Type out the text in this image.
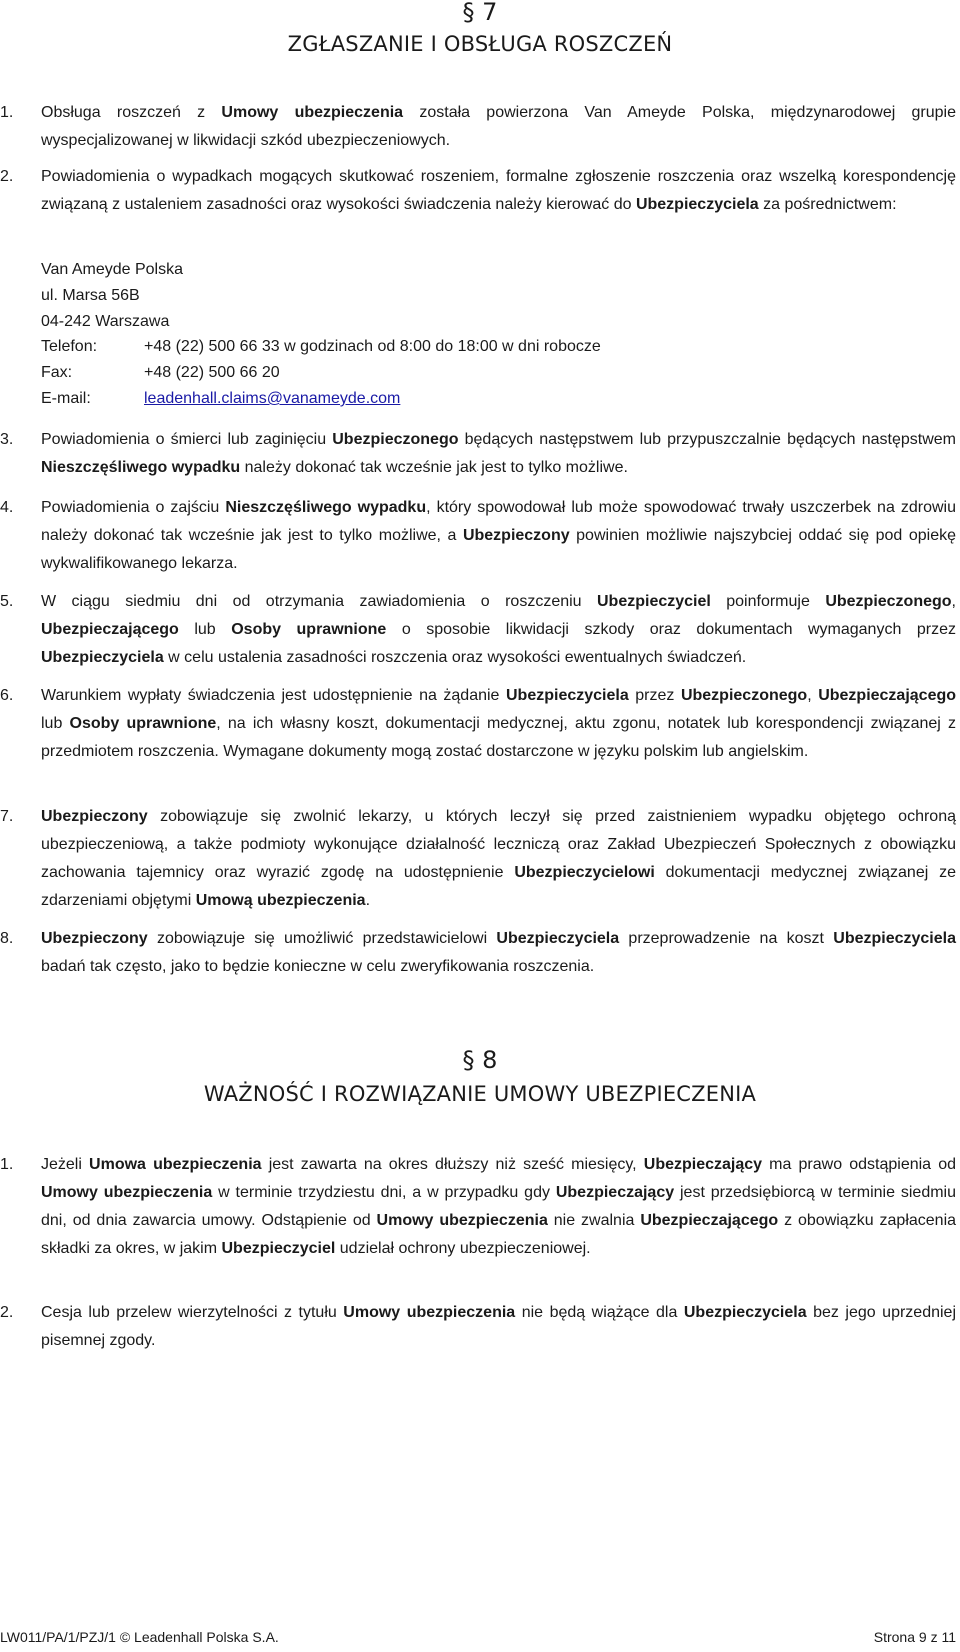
§ 7
ZGŁASZANIE I OBSŁUGA ROSZCZEŃ
1.	Obsługa roszczeń z Umowy ubezpieczenia została powierzona Van Ameyde Polska, międzynarodowej grupie wyspecjalizowanej w likwidacji szkód ubezpieczeniowych.
2.	Powiadomienia o wypadkach mogących skutkować roszeniem, formalne zgłoszenie roszczenia oraz wszelką korespondencję związaną z ustaleniem zasadności oraz wysokości świadczenia należy kierować do Ubezpieczyciela za pośrednictwem:
Van Ameyde Polska
ul. Marsa 56B
04-242 Warszawa
Telefon:	+48 (22) 500 66 33 w godzinach od 8:00 do 18:00 w dni robocze
Fax:	+48 (22) 500 66 20
E-mail:	leadenhall.claims@vanameyde.com
3.	Powiadomienia o śmierci lub zaginięciu Ubezpieczonego będących następstwem lub przypuszczalnie będących następstwem Nieszczęśliwego wypadku należy dokonać tak wcześnie jak jest to tylko możliwe.
4.	Powiadomienia o zajściu Nieszczęśliwego wypadku, który spowodował lub może spowodować trwały uszczerbek na zdrowiu należy dokonać tak wcześnie jak jest to tylko możliwe, a Ubezpieczony powinien możliwie najszybciej oddać się pod opiekę wykwalifikowanego lekarza.
5.	W ciągu siedmiu dni od otrzymania zawiadomienia o roszczeniu Ubezpieczyciel poinformuje Ubezpieczonego, Ubezpieczającego lub Osoby uprawnione o sposobie likwidacji szkody oraz dokumentach wymaganych przez Ubezpieczyciela w celu ustalenia zasadności roszczenia oraz wysokości ewentualnych świadczeń.
6.	Warunkiem wypłaty świadczenia jest udostępnienie na żądanie Ubezpieczyciela przez Ubezpieczonego, Ubezpieczającego lub Osoby uprawnione, na ich własny koszt, dokumentacji medycznej, aktu zgonu, notatek lub korespondencji związanej z przedmiotem roszczenia. Wymagane dokumenty mogą zostać dostarczone w języku polskim lub angielskim.
7.	Ubezpieczony zobowiązuje się zwolnić lekarzy, u których leczył się przed zaistnieniem wypadku objętego ochroną ubezpieczeniową, a także podmioty wykonujące działalność leczniczą oraz Zakład Ubezpieczeń Społecznych z obowiązku zachowania tajemnicy oraz wyrazić zgodę na udostępnienie Ubezpieczycielowi dokumentacji medycznej związanej ze zdarzeniami objętymi Umową ubezpieczenia.
8.	Ubezpieczony zobowiązuje się umożliwić przedstawicielowi Ubezpieczyciela przeprowadzenie na koszt Ubezpieczyciela badań tak często, jako to będzie konieczne w celu zweryfikowania roszczenia.
§ 8
WAŻNOŚĆ I ROZWIĄZANIE UMOWY UBEZPIECZENIA
1.	Jeżeli Umowa ubezpieczenia jest zawarta na okres dłuższy niż sześć miesięcy, Ubezpieczający ma prawo odstąpienia od Umowy ubezpieczenia w terminie trzydziestu dni, a w przypadku gdy Ubezpieczający jest przedsiębiorcą w terminie siedmiu dni, od dnia zawarcia umowy. Odstąpienie od Umowy ubezpieczenia nie zwalnia Ubezpieczającego z obowiązku zapłacenia składki za okres, w jakim Ubezpieczyciel udzielał ochrony ubezpieczeniowej.
2.	Cesja lub przelew wierzytelności z tytułu Umowy ubezpieczenia nie będą wiążące dla Ubezpieczyciela bez jego uprzedniej pisemnej zgody.
LW011/PA/1/PZJ/1 © Leadenhall Polska S.A.	Strona 9 z 11
